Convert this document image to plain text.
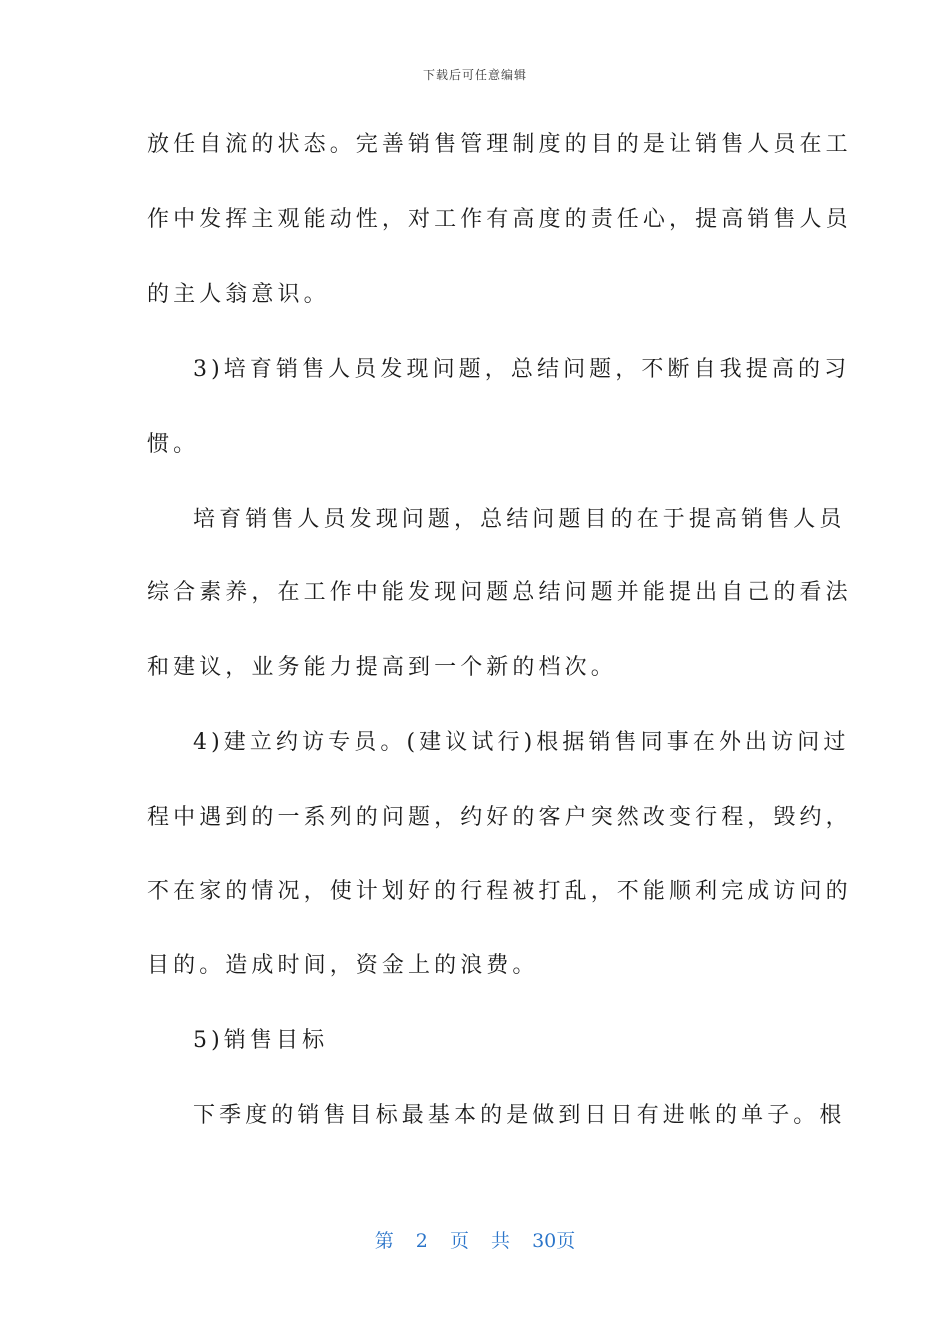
下载后可任意编辑
放任自流的状态。完善销售管理制度的目的是让销售人员在工
作中发挥主观能动性，对工作有高度的责任心，提高销售人员
的主人翁意识。
3)培育销售人员发现问题，总结问题，不断自我提高的习
惯。
培育销售人员发现问题，总结问题目的在于提高销售人员
综合素养，在工作中能发现问题总结问题并能提出自己的看法
和建议，业务能力提高到一个新的档次。
4)建立约访专员。(建议试行)根据销售同事在外出访问过
程中遇到的一系列的问题，约好的客户突然改变行程，毁约，
不在家的情况，使计划好的行程被打乱，不能顺利完成访问的
目的。造成时间，资金上的浪费。
5)销售目标
下季度的销售目标最基本的是做到日日有进帐的单子。根
第 2 页 共 30页
